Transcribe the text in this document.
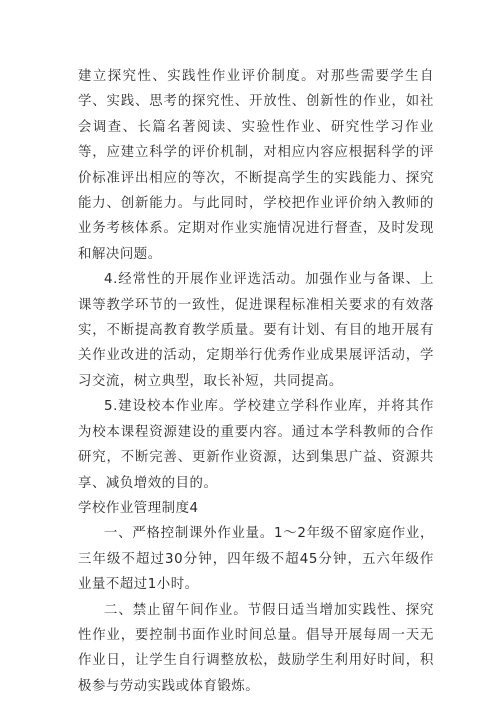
建立探究性、实践性作业评价制度。对那些需要学生自学、实践、思考的探究性、开放性、创新性的作业，如社会调查、长篇名著阅读、实验性作业、研究性学习作业等，应建立科学的评价机制，对相应内容应根据科学的评价标准评出相应的等次，不断提高学生的实践能力、探究能力、创新能力。与此同时，学校把作业评价纳入教师的业务考核体系。定期对作业实施情况进行督查，及时发现和解决问题。

4.经常性的开展作业评选活动。加强作业与备课、上课等教学环节的一致性，促进课程标准相关要求的有效落实，不断提高教育教学质量。要有计划、有目的地开展有关作业改进的活动，定期举行优秀作业成果展评活动，学习交流，树立典型，取长补短，共同提高。

5.建设校本作业库。学校建立学科作业库，并将其作为校本课程资源建设的重要内容。通过本学科教师的合作研究，不断完善、更新作业资源，达到集思广益、资源共享、减负增效的目的。

学校作业管理制度4

一、严格控制课外作业量。1～2年级不留家庭作业，三年级不超过30分钟，四年级不超45分钟，五六年级作业量不超过1小时。

二、禁止留午间作业。节假日适当增加实践性、探究性作业，要控制书面作业时间总量。倡导开展每周一天无作业日，让学生自行调整放松，鼓励学生利用好时间，积极参与劳动实践或体育锻炼。
